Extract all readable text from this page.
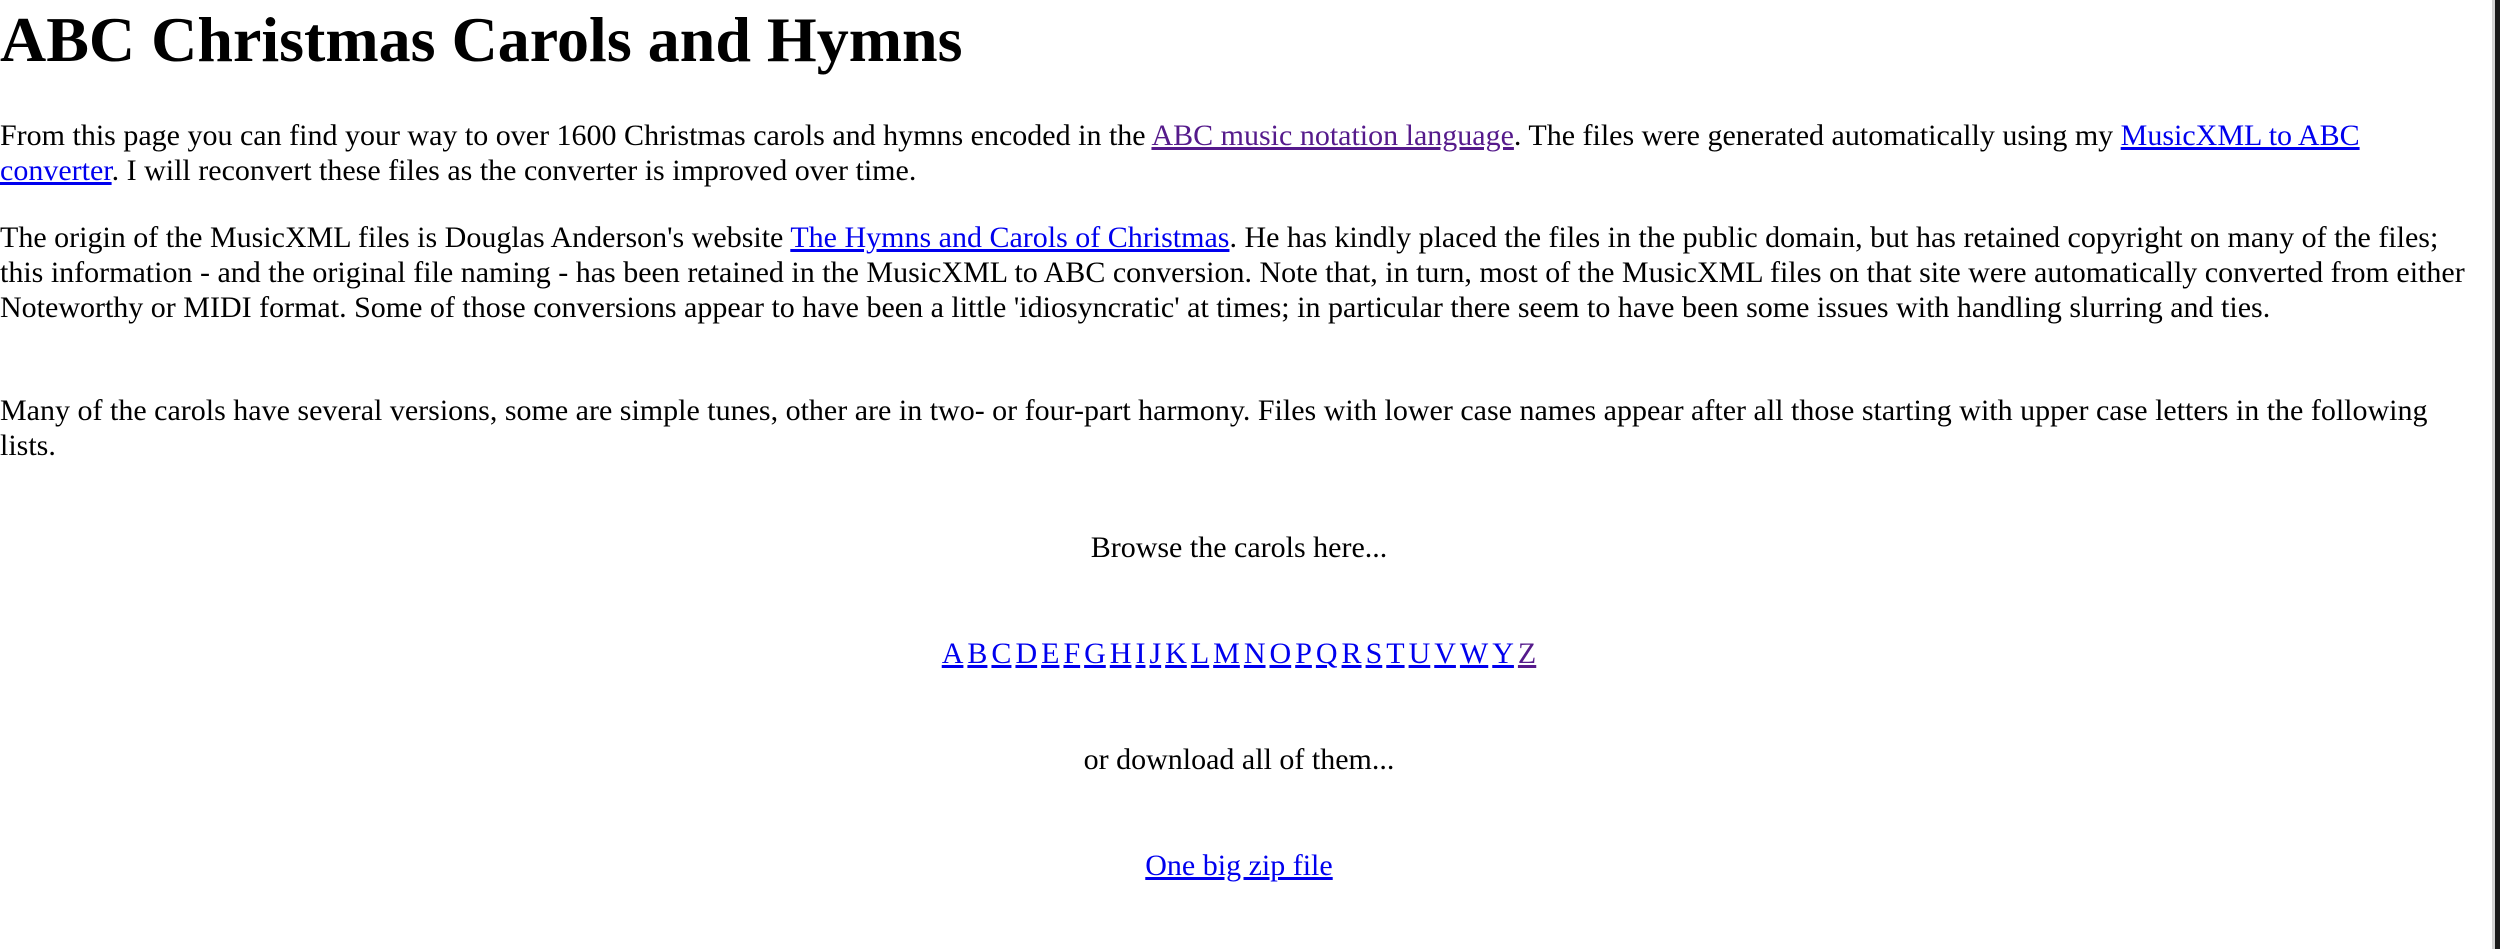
ABC Christmas Carols and Hymns

From this page you can find your way to over 1600 Christmas carols and hymns encoded in the ABC music notation language. The files were generated automatically using my MusicXML to ABC converter. I will reconvert these files as the converter is improved over time.

The origin of the MusicXML files is Douglas Anderson's website The Hymns and Carols of Christmas. He has kindly placed the files in the public domain, but has retained copyright on many of the files; this information - and the original file naming - has been retained in the MusicXML to ABC conversion. Note that, in turn, most of the MusicXML files on that site were automatically converted from either Noteworthy or MIDI format. Some of those conversions appear to have been a little 'idiosyncratic' at times; in particular there seem to have been some issues with handling slurring and ties.

Many of the carols have several versions, some are simple tunes, other are in two- or four-part harmony. Files with lower case names appear after all those starting with upper case letters in the following lists.

Browse the carols here...
A B C D E F G H I J K L M N O P Q R S T U V W Y Z
or download all of them...
One big zip file
